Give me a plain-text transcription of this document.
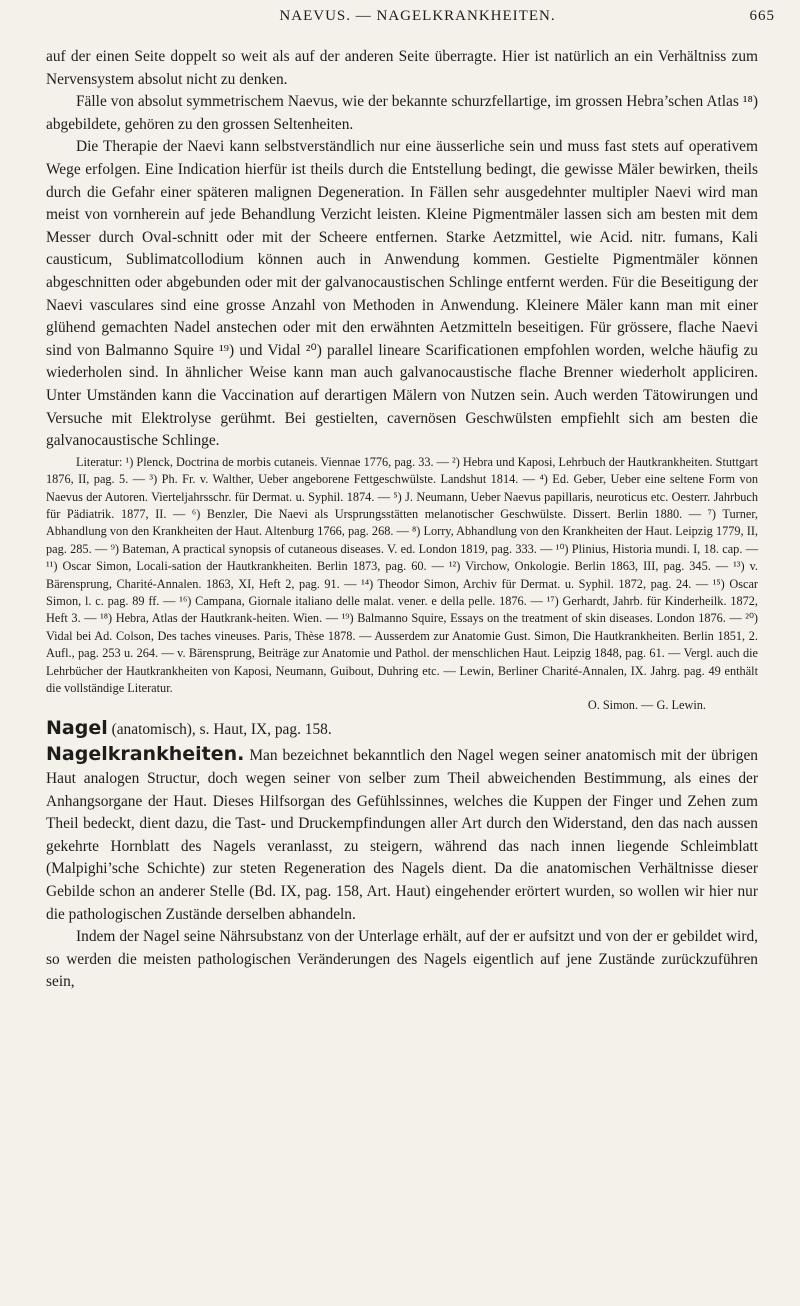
NAEVUS. — NAGELKRANKHEITEN.	665

auf der einen Seite doppelt so weit als auf der anderen Seite überragte. Hier ist natürlich an ein Verhältniss zum Nervensystem absolut nicht zu denken.

Fälle von absolut symmetrischem Naevus, wie der bekannte schurzfellartige, im grossen Hebra’schen Atlas ¹⁸) abgebildete, gehören zu den grossen Seltenheiten.

Die Therapie der Naevi kann selbstverständlich nur eine äusserliche sein und muss fast stets auf operativem Wege erfolgen. Eine Indication hierfür ist theils durch die Entstellung bedingt, die gewisse Mäler bewirken, theils durch die Gefahr einer späteren malignen Degeneration. In Fällen sehr ausgedehnter multipler Naevi wird man meist von vornherein auf jede Behandlung Verzicht leisten. Kleine Pigmentmäler lassen sich am besten mit dem Messer durch Oval-schnitt oder mit der Scheere entfernen. Starke Aetzmittel, wie Acid. nitr. fumans, Kali causticum, Sublimatcollodium können auch in Anwendung kommen. Gestielte Pigmentmäler können abgeschnitten oder abgebunden oder mit der galvanocaustischen Schlinge entfernt werden. Für die Beseitigung der Naevi vasculares sind eine grosse Anzahl von Methoden in Anwendung. Kleinere Mäler kann man mit einer glühend gemachten Nadel anstechen oder mit den erwähnten Aetzmitteln beseitigen. Für grössere, flache Naevi sind von Balmanno Squire ¹⁹) und Vidal ²⁰) parallel lineare Scarificationen empfohlen worden, welche häufig zu wiederholen sind. In ähnlicher Weise kann man auch galvanocaustische flache Brenner wiederholt appliciren. Unter Umständen kann die Vaccination auf derartigen Mälern von Nutzen sein. Auch werden Tätowirungen und Versuche mit Elektrolyse gerühmt. Bei gestielten, cavernösen Geschwülsten empfiehlt sich am besten die galvanocaustische Schlinge.

Literatur: ¹) Plenck, Doctrina de morbis cutaneis. Viennae 1776, pag. 33. — ²) Hebra und Kaposi, Lehrbuch der Hautkrankheiten. Stuttgart 1876, II, pag. 5. — ³) Ph. Fr. v. Walther, Ueber angeborene Fettgeschwülste. Landshut 1814. — ⁴) Ed. Geber, Ueber eine seltene Form von Naevus der Autoren. Vierteljahrsschr. für Dermat. u. Syphil. 1874. — ⁵) J. Neumann, Ueber Naevus papillaris, neuroticus etc. Oesterr. Jahrbuch für Pädiatrik. 1877, II. — ⁶) Benzler, Die Naevi als Ursprungsstätten melanotischer Geschwülste. Dissert. Berlin 1880. — ⁷) Turner, Abhandlung von den Krankheiten der Haut. Altenburg 1766, pag. 268. — ⁸) Lorry, Abhandlung von den Krankheiten der Haut. Leipzig 1779, II, pag. 285. — ⁹) Bateman, A practical synopsis of cutaneous diseases. V. ed. London 1819, pag. 333. — ¹⁰) Plinius, Historia mundi. I, 18. cap. — ¹¹) Oscar Simon, Locali-sation der Hautkrankheiten. Berlin 1873, pag. 60. — ¹²) Virchow, Onkologie. Berlin 1863, III, pag. 345. — ¹³) v. Bärensprung, Charité-Annalen. 1863, XI, Heft 2, pag. 91. — ¹⁴) Theodor Simon, Archiv für Dermat. u. Syphil. 1872, pag. 24. — ¹⁵) Oscar Simon, l. c. pag. 89 ff. — ¹⁶) Campana, Giornale italiano delle malat. vener. e della pelle. 1876. — ¹⁷) Gerhardt, Jahrb. für Kinderheilk. 1872, Heft 3. — ¹⁸) Hebra, Atlas der Hautkrank-heiten. Wien. — ¹⁹) Balmanno Squire, Essays on the treatment of skin diseases. London 1876. — ²⁰) Vidal bei Ad. Colson, Des taches vineuses. Paris, Thèse 1878. — Ausserdem zur Anatomie Gust. Simon, Die Hautkrankheiten. Berlin 1851, 2. Aufl., pag. 253 u. 264. — v. Bärensprung, Beiträge zur Anatomie und Pathol. der menschlichen Haut. Leipzig 1848, pag. 61. — Vergl. auch die Lehrbücher der Hautkrankheiten von Kaposi, Neumann, Guibout, Duhring etc. — Lewin, Berliner Charité-Annalen, IX. Jahrg. pag. 49 enthält die vollständige Literatur.

O. Simon. — G. Lewin.
Nagel (anatomisch), s. Haut, IX, pag. 158.

Nagelkrankheiten. Man bezeichnet bekanntlich den Nagel wegen seiner anatomisch mit der übrigen Haut analogen Structur, doch wegen seiner von selber zum Theil abweichenden Bestimmung, als eines der Anhangsorgane der Haut. Dieses Hilfsorgan des Gefühlssinnes, welches die Kuppen der Finger und Zehen zum Theil bedeckt, dient dazu, die Tast- und Druckempfindungen aller Art durch den Widerstand, den das nach aussen gekehrte Hornblatt des Nagels veranlasst, zu steigern, während das nach innen liegende Schleimblatt (Malpighi’sche Schichte) zur steten Regeneration des Nagels dient. Da die anatomischen Verhältnisse dieser Gebilde schon an anderer Stelle (Bd. IX, pag. 158, Art. Haut) eingehender erörtert wurden, so wollen wir hier nur die pathologischen Zustände derselben abhandeln.

Indem der Nagel seine Nährsubstanz von der Unterlage erhält, auf der er aufsitzt und von der er gebildet wird, so werden die meisten pathologischen Veränderungen des Nagels eigentlich auf jene Zustände zurückzuführen sein,
